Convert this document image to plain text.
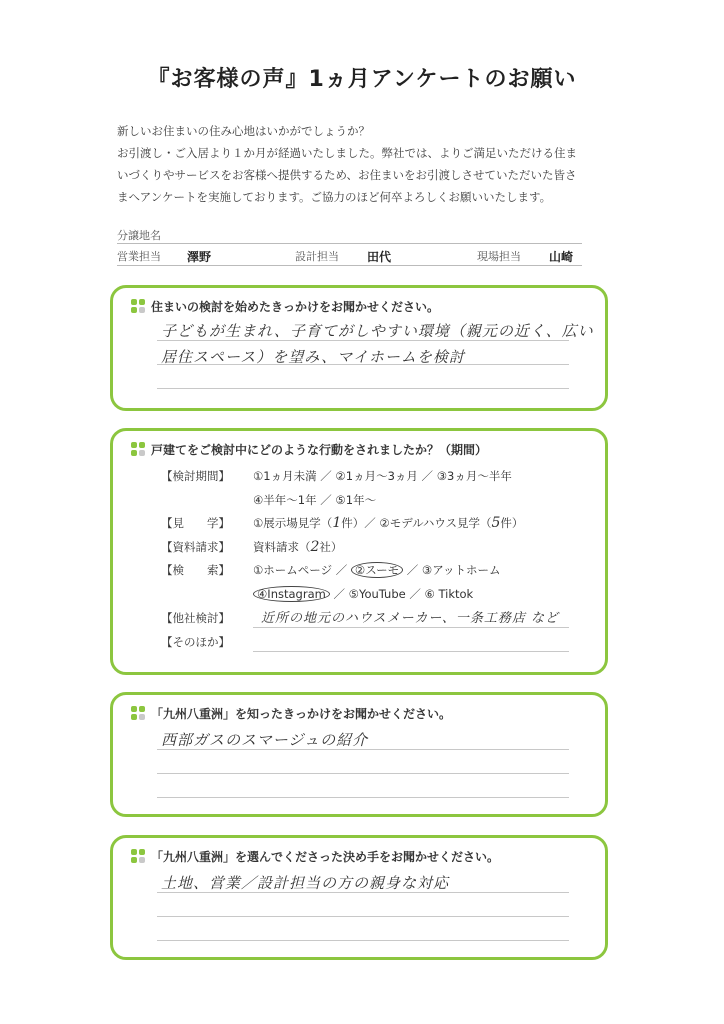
『お客様の声』1ヵ月アンケートのお願い
新しいお住まいの住み心地はいかがでしょうか？
お引渡し・ご入居より１か月が経過いたしました。弊社では、よりご満足いただける住ま
いづくりやサービスをお客様へ提供するため、お住まいをお引渡しさせていただいた皆さ
まへアンケートを実施しております。ご協力のほど何卒よろしくお願いいたします。
分譲地名
営業担当 澤野	設計担当 田代	現場担当 山崎
住まいの検討を始めたきっかけをお聞かせください。
子どもが生まれ、子育てがしやすい環境（親元の近く、広い
居住スペース）を望み、マイホームを検討
戸建てをご検討中にどのような行動をされましたか？（期間）
【検討期間】 ①1ヵ月未満 ／ ②1ヵ月～3ヵ月 ／ ③3ヵ月～半年
④半年～1年 ／ ⑤1年～
【見　　学】 ①展示場見学（1件）／ ②モデルハウス見学（5件）
【資料請求】 資料請求（2社）
【検　　索】 ①ホームページ ／ ②スーモ ／ ③アットホーム
④Instagram ／ ⑤YouTube ／ ⑥ Tiktok
【他社検討】 近所の地元のハウスメーカー、一条工務店 など
【そのほか】
「九州八重洲」を知ったきっかけをお聞かせください。
西部ガスのスマージュの紹介
「九州八重洲」を選んでくださった決め手をお聞かせください。
土地、営業／設計担当の方の親身な対応
